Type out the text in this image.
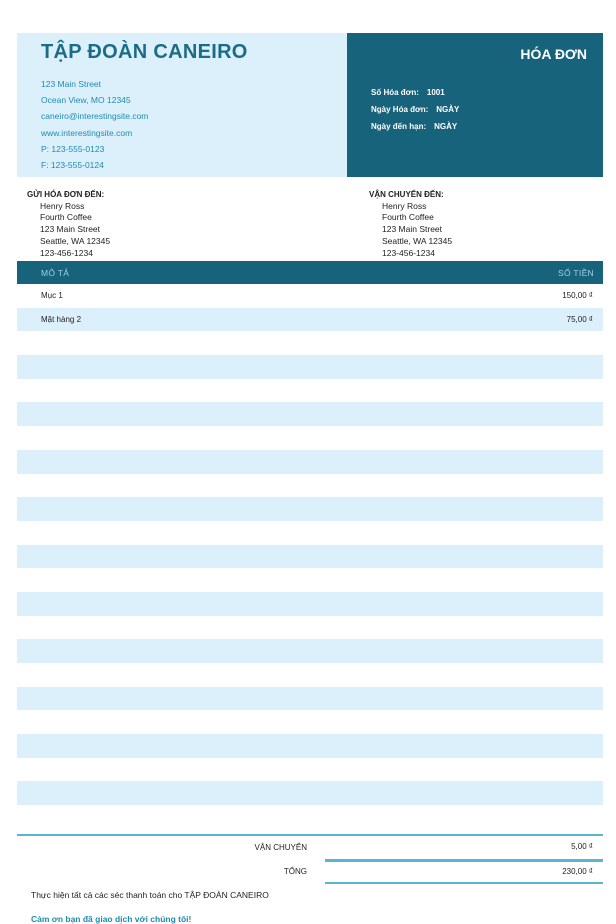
TẬP ĐOÀN CANEIRO
123 Main Street
Ocean View, MO 12345
caneiro@interestingsite.com
www.interestingsite.com
P: 123-555-0123
F: 123-555-0124
HÓA ĐƠN
Số Hóa đơn: 1001
Ngày Hóa đơn: NGÀY
Ngày đến hạn: NGÀY
GỬI HÓA ĐƠN ĐẾN:
Henry Ross
Fourth Coffee
123 Main Street
Seattle, WA 12345
123-456-1234
VẬN CHUYỂN ĐẾN:
Henry Ross
Fourth Coffee
123 Main Street
Seattle, WA 12345
123-456-1234
MÔ TẢ	SỐ TIỀN
Mục 1	150,00 ₫
Mặt hàng 2	75,00 ₫
VẬN CHUYỂN	5,00 ₫
TỔNG	230,00 ₫
Thực hiện tất cả các séc thanh toán cho TẬP ĐOÀN CANEIRO
Cảm ơn bạn đã giao dịch với chúng tôi!
